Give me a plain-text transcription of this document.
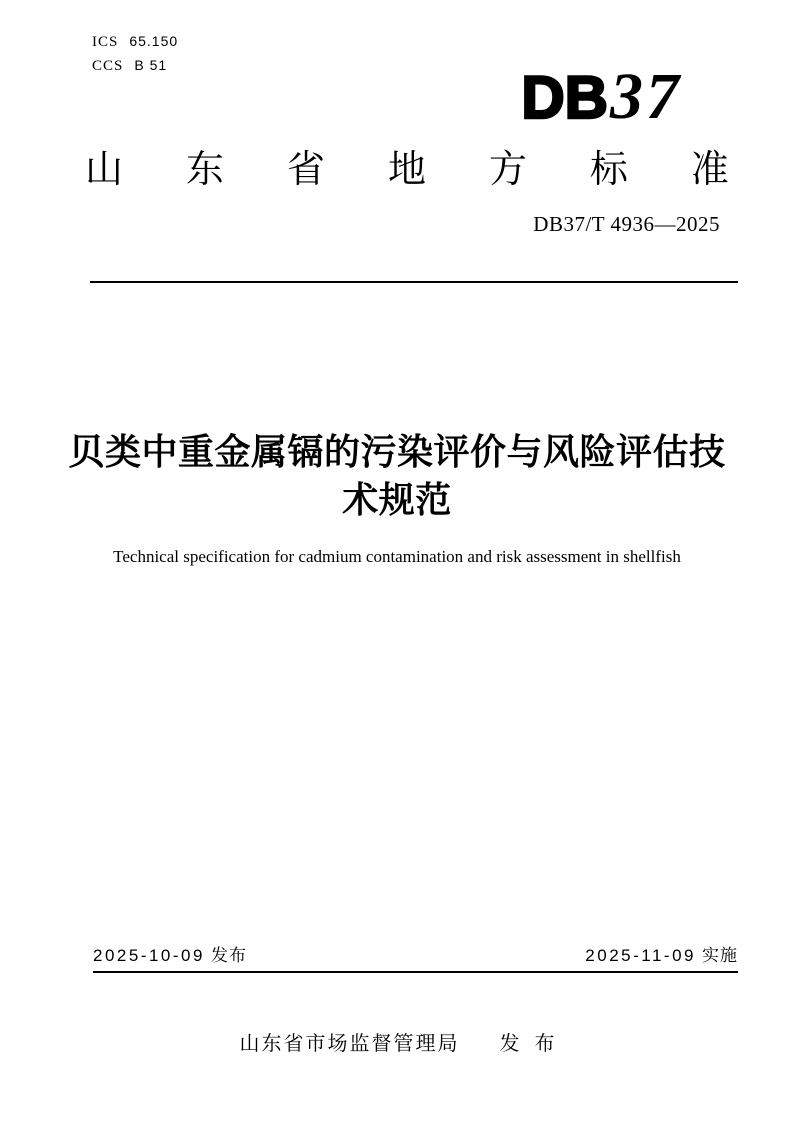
ICS 65.150
CCS B 51	DB 37
山 东 省 地 方 标 准
DB37/T 4936—2025
贝类中重金属镉的污染评价与风险评估技
术规范
Technical specification for cadmium contamination and risk assessment in shellfish
2025-10-09 发布	2025-11-09 实施
山东省市场监督管理局 发布
